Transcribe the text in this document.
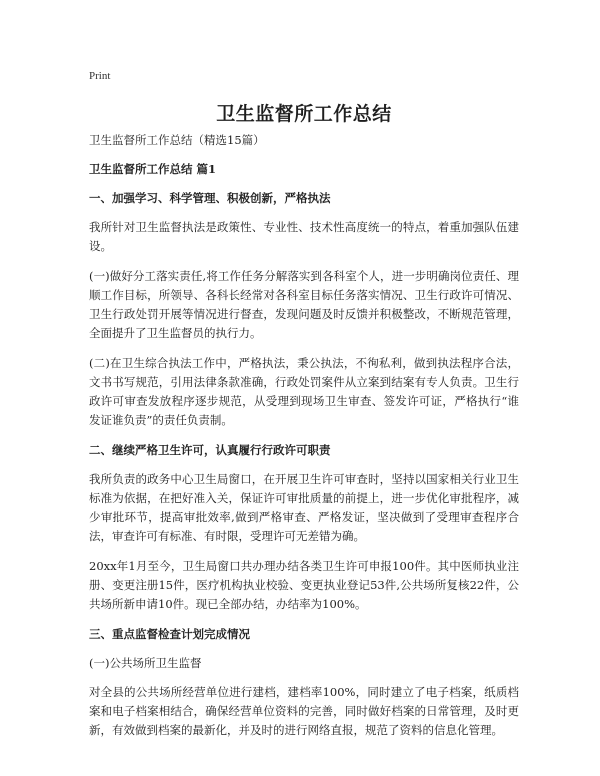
Print
卫生监督所工作总结

卫生监督所工作总结（精选15篇）

卫生监督所工作总结 篇1

一、加强学习、科学管理、积极创新，严格执法

我所针对卫生监督执法是政策性、专业性、技术性高度统一的特点，着重加强队伍建设。

(一)做好分工落实责任,将工作任务分解落实到各科室个人，进一步明确岗位责任、理顺工作目标，所领导、各科长经常对各科室目标任务落实情况、卫生行政许可情况、卫生行政处罚开展等情况进行督查，发现问题及时反馈并积极整改，不断规范管理，全面提升了卫生监督员的执行力。

(二)在卫生综合执法工作中，严格执法，秉公执法，不徇私利，做到执法程序合法，文书书写规范，引用法律条款准确，行政处罚案件从立案到结案有专人负责。卫生行政许可审查发放程序逐步规范，从受理到现场卫生审查、签发许可证，严格执行“谁发证谁负责”的责任负责制。

二、继续严格卫生许可，认真履行行政许可职责

我所负责的政务中心卫生局窗口，在开展卫生许可审查时，坚持以国家相关行业卫生标准为依据，在把好准入关，保证许可审批质量的前提上，进一步优化审批程序，减少审批环节，提高审批效率,做到严格审查、严格发证，坚决做到了受理审查程序合法，审查许可有标准、有时限，受理许可无差错为确。

20xx年1月至今，卫生局窗口共办理办结各类卫生许可申报100件。其中医师执业注册、变更注册15件，医疗机构执业校验、变更执业登记53件,公共场所复核22件，公共场所新申请10件。现已全部办结，办结率为100%。

三、重点监督检查计划完成情况

(一)公共场所卫生监督

对全县的公共场所经营单位进行建档，建档率100%，同时建立了电子档案，纸质档案和电子档案相结合，确保经营单位资料的完善，同时做好档案的日常管理，及时更新，有效做到档案的最新化，并及时的进行网络直报，规范了资料的信息化管理。
